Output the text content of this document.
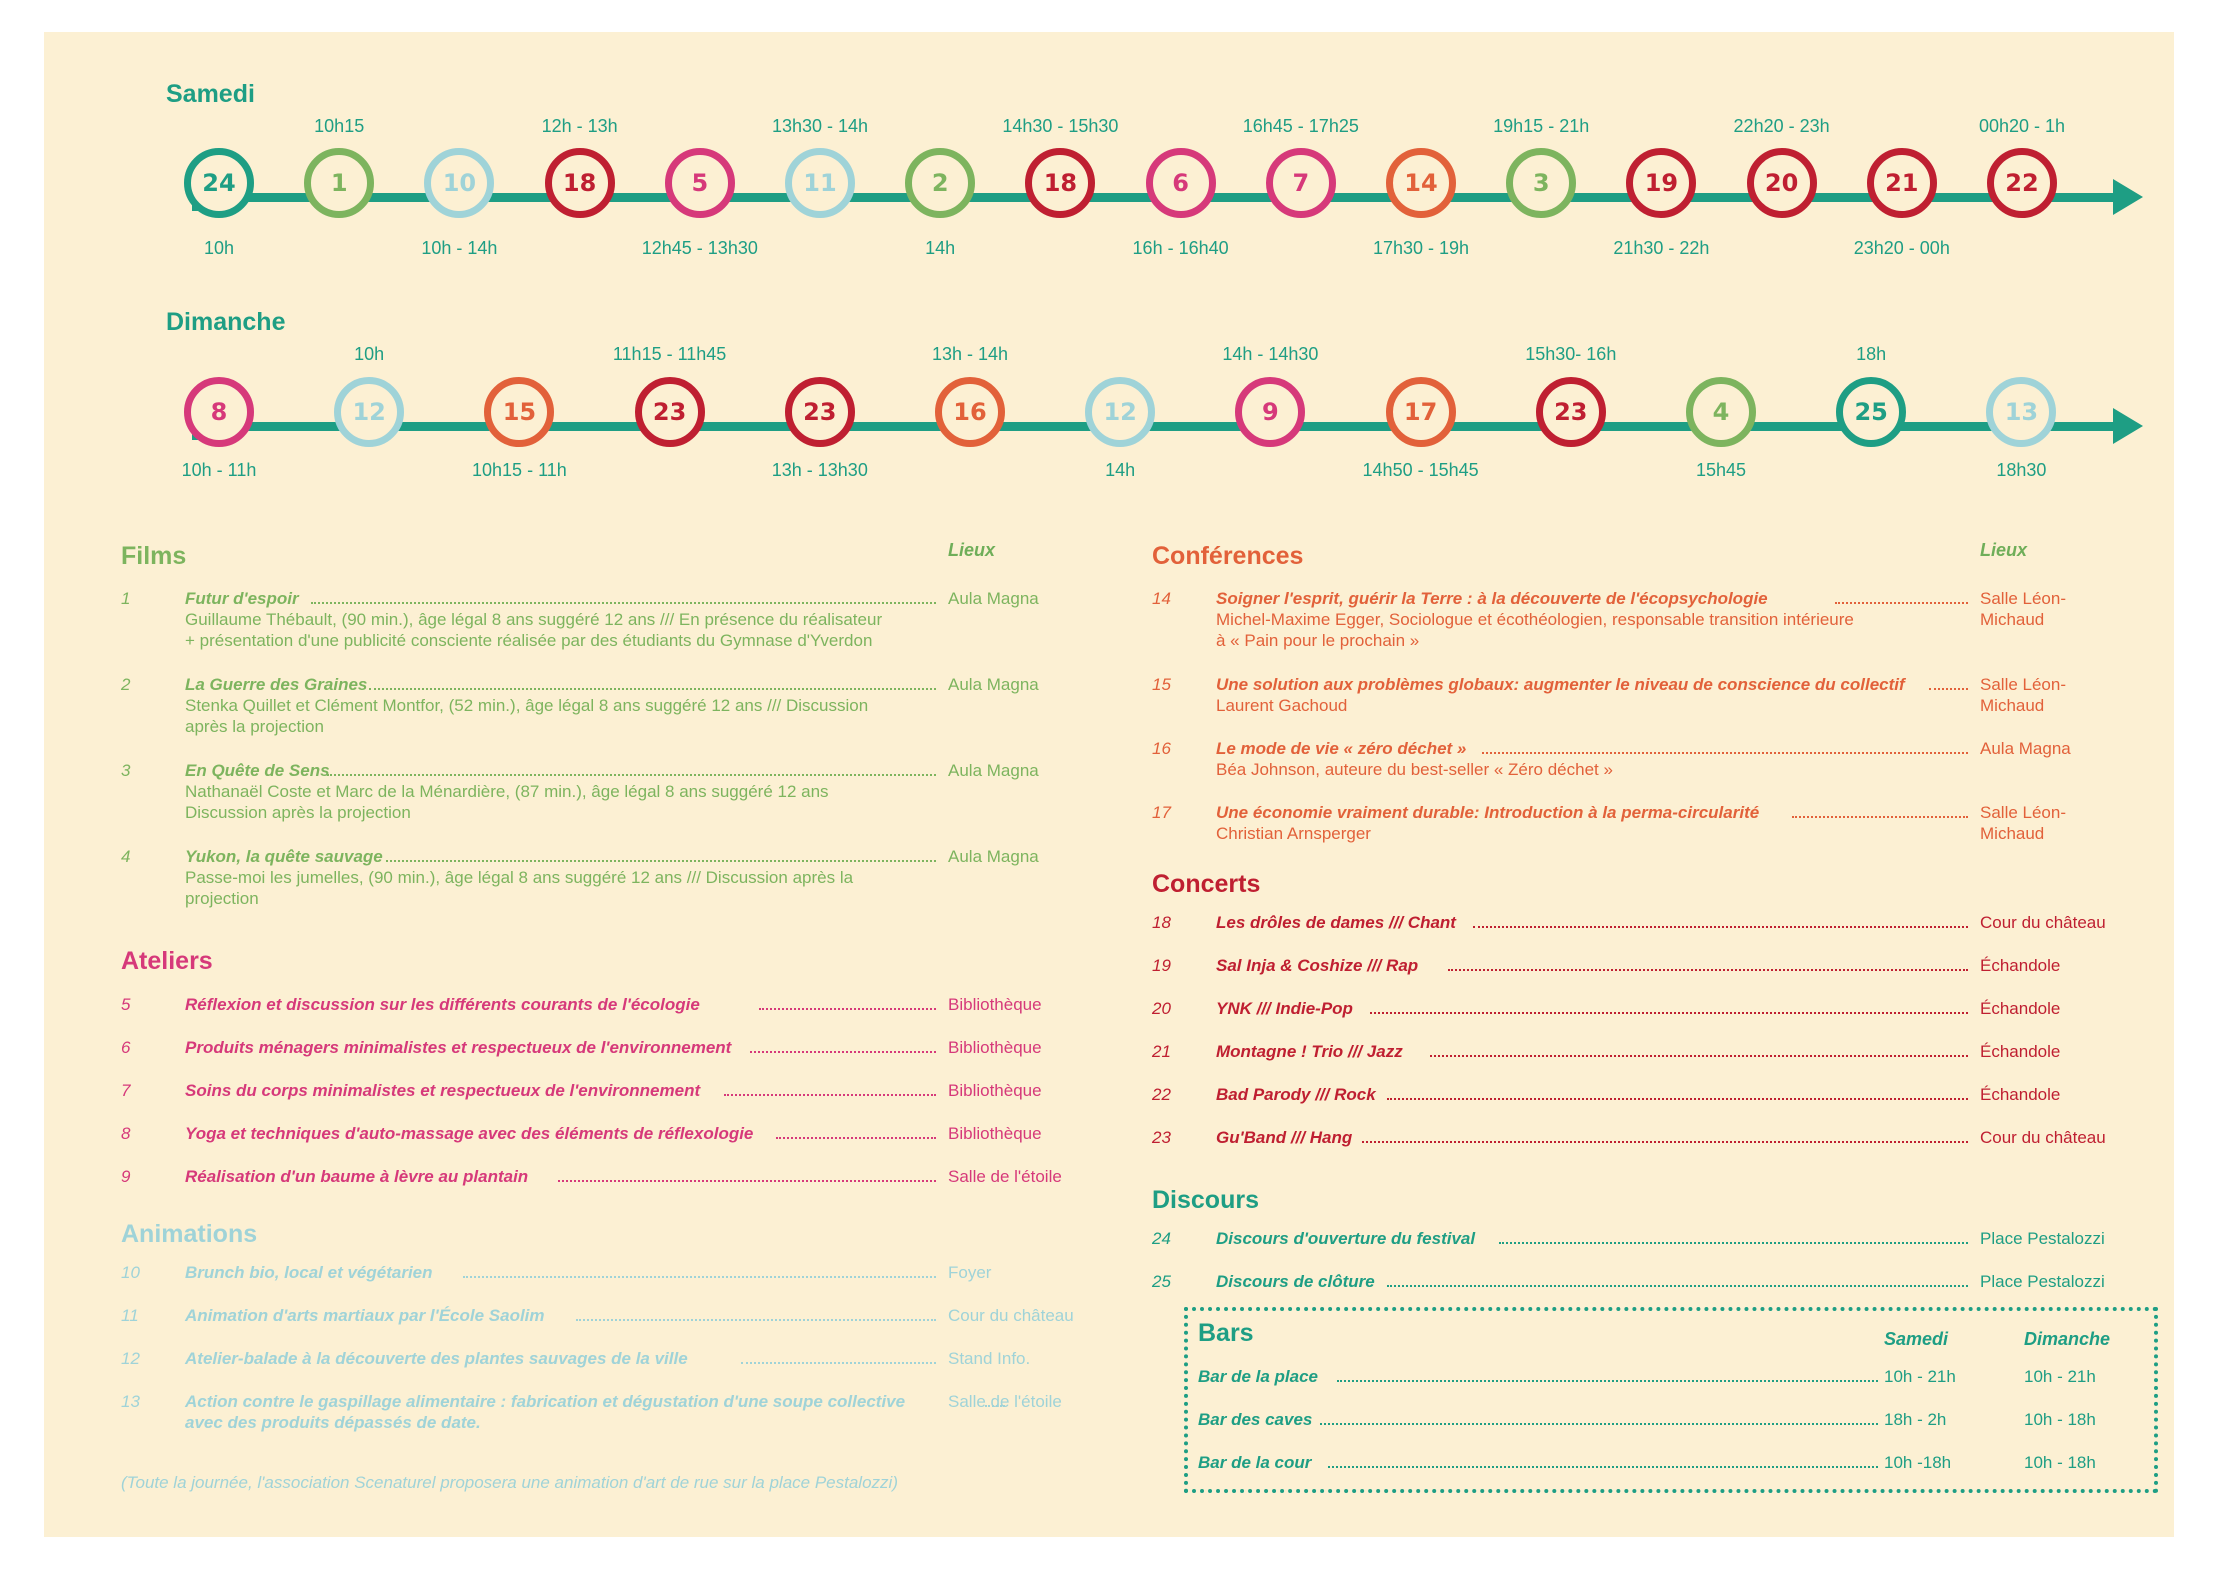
Samedi
Dimanche
Films	Lieux
Ateliers
Animations
(Toute la journée, l'association Scenaturel proposera une animation d'art de rue sur la place Pestalozzi)
Conférences	Lieux
Concerts
Discours
Bars	Samedi	Dimanche
Bar de la place	10h - 21h	10h - 21h
Bar des caves	18h - 2h	10h - 18h
Bar de la cour	10h -18h	10h - 18h
24	1	10	18	5	11	2	18	6	7	14	3	19	20	21	22
10h15	12h - 13h	13h30 - 14h	14h30 - 15h30	16h45 - 17h25	19h15 - 21h	22h20 - 23h	00h20 - 1h
10h	10h - 14h	12h45 - 13h30	14h	16h - 16h40	17h30 - 19h	21h30 - 22h	23h20 - 00h
8	12	15	23	23	16	12	9	17	23	4	25	13
10h	11h15 - 11h45	13h - 14h	14h - 14h30	15h30- 16h	18h
10h - 11h	10h15 - 11h	13h - 13h30	14h	14h50 - 15h45	15h45	18h30
1	Futur d'espoir	Aula Magna
Guillaume Thébault, (90 min.), âge légal 8 ans suggéré 12 ans /// En présence du réalisateur
+ présentation d'une publicité consciente réalisée par des étudiants du Gymnase d'Yverdon
2	La Guerre des Graines	Aula Magna
Stenka Quillet et Clément Montfor, (52 min.), âge légal 8 ans suggéré 12 ans /// Discussion
après la projection
3	En Quête de Sens	Aula Magna
Nathanaël Coste et Marc de la Ménardière, (87 min.), âge légal 8 ans suggéré 12 ans
Discussion après la projection
4	Yukon, la quête sauvage	Aula Magna
Passe-moi les jumelles, (90 min.), âge légal 8 ans suggéré 12 ans /// Discussion après la
projection
5	Réflexion et discussion sur les différents courants de l'écologie	Bibliothèque
6	Produits ménagers minimalistes et respectueux de l'environnement	Bibliothèque
7	Soins du corps minimalistes et respectueux de l'environnement	Bibliothèque
8	Yoga et techniques d'auto-massage avec des éléments de réflexologie	Bibliothèque
9	Réalisation d'un baume à lèvre au plantain	Salle de l'étoile
10	Brunch bio, local et végétarien	Foyer
11	Animation d'arts martiaux par l'École Saolim	Cour du château
12	Atelier-balade à la découverte des plantes sauvages de la ville	Stand Info.
13	Action contre le gaspillage alimentaire : fabrication et dégustation d'une soupe collective	Salle de l'étoile
avec des produits dépassés de date.
14	Soigner l'esprit, guérir la Terre : à la découverte de l'écopsychologie	Salle Léon-Michaud
Michel-Maxime Egger, Sociologue et écothéologien, responsable transition intérieure
à « Pain pour le prochain »
15	Une solution aux problèmes globaux: augmenter le niveau de conscience du collectif	Salle Léon-Michaud
Laurent Gachoud
16	Le mode de vie « zéro déchet »	Aula Magna
Béa Johnson, auteure du best-seller « Zéro déchet »
17	Une économie vraiment durable: Introduction à la perma-circularité	Salle Léon-Michaud
Christian Arnsperger
18	Les drôles de dames /// Chant	Cour du château
19	Sal Inja & Coshize /// Rap	Échandole
20	YNK /// Indie-Pop	Échandole
21	Montagne ! Trio /// Jazz	Échandole
22	Bad Parody /// Rock	Échandole
23	Gu'Band /// Hang	Cour du château
24	Discours d'ouverture du festival	Place Pestalozzi
25	Discours de clôture	Place Pestalozzi
